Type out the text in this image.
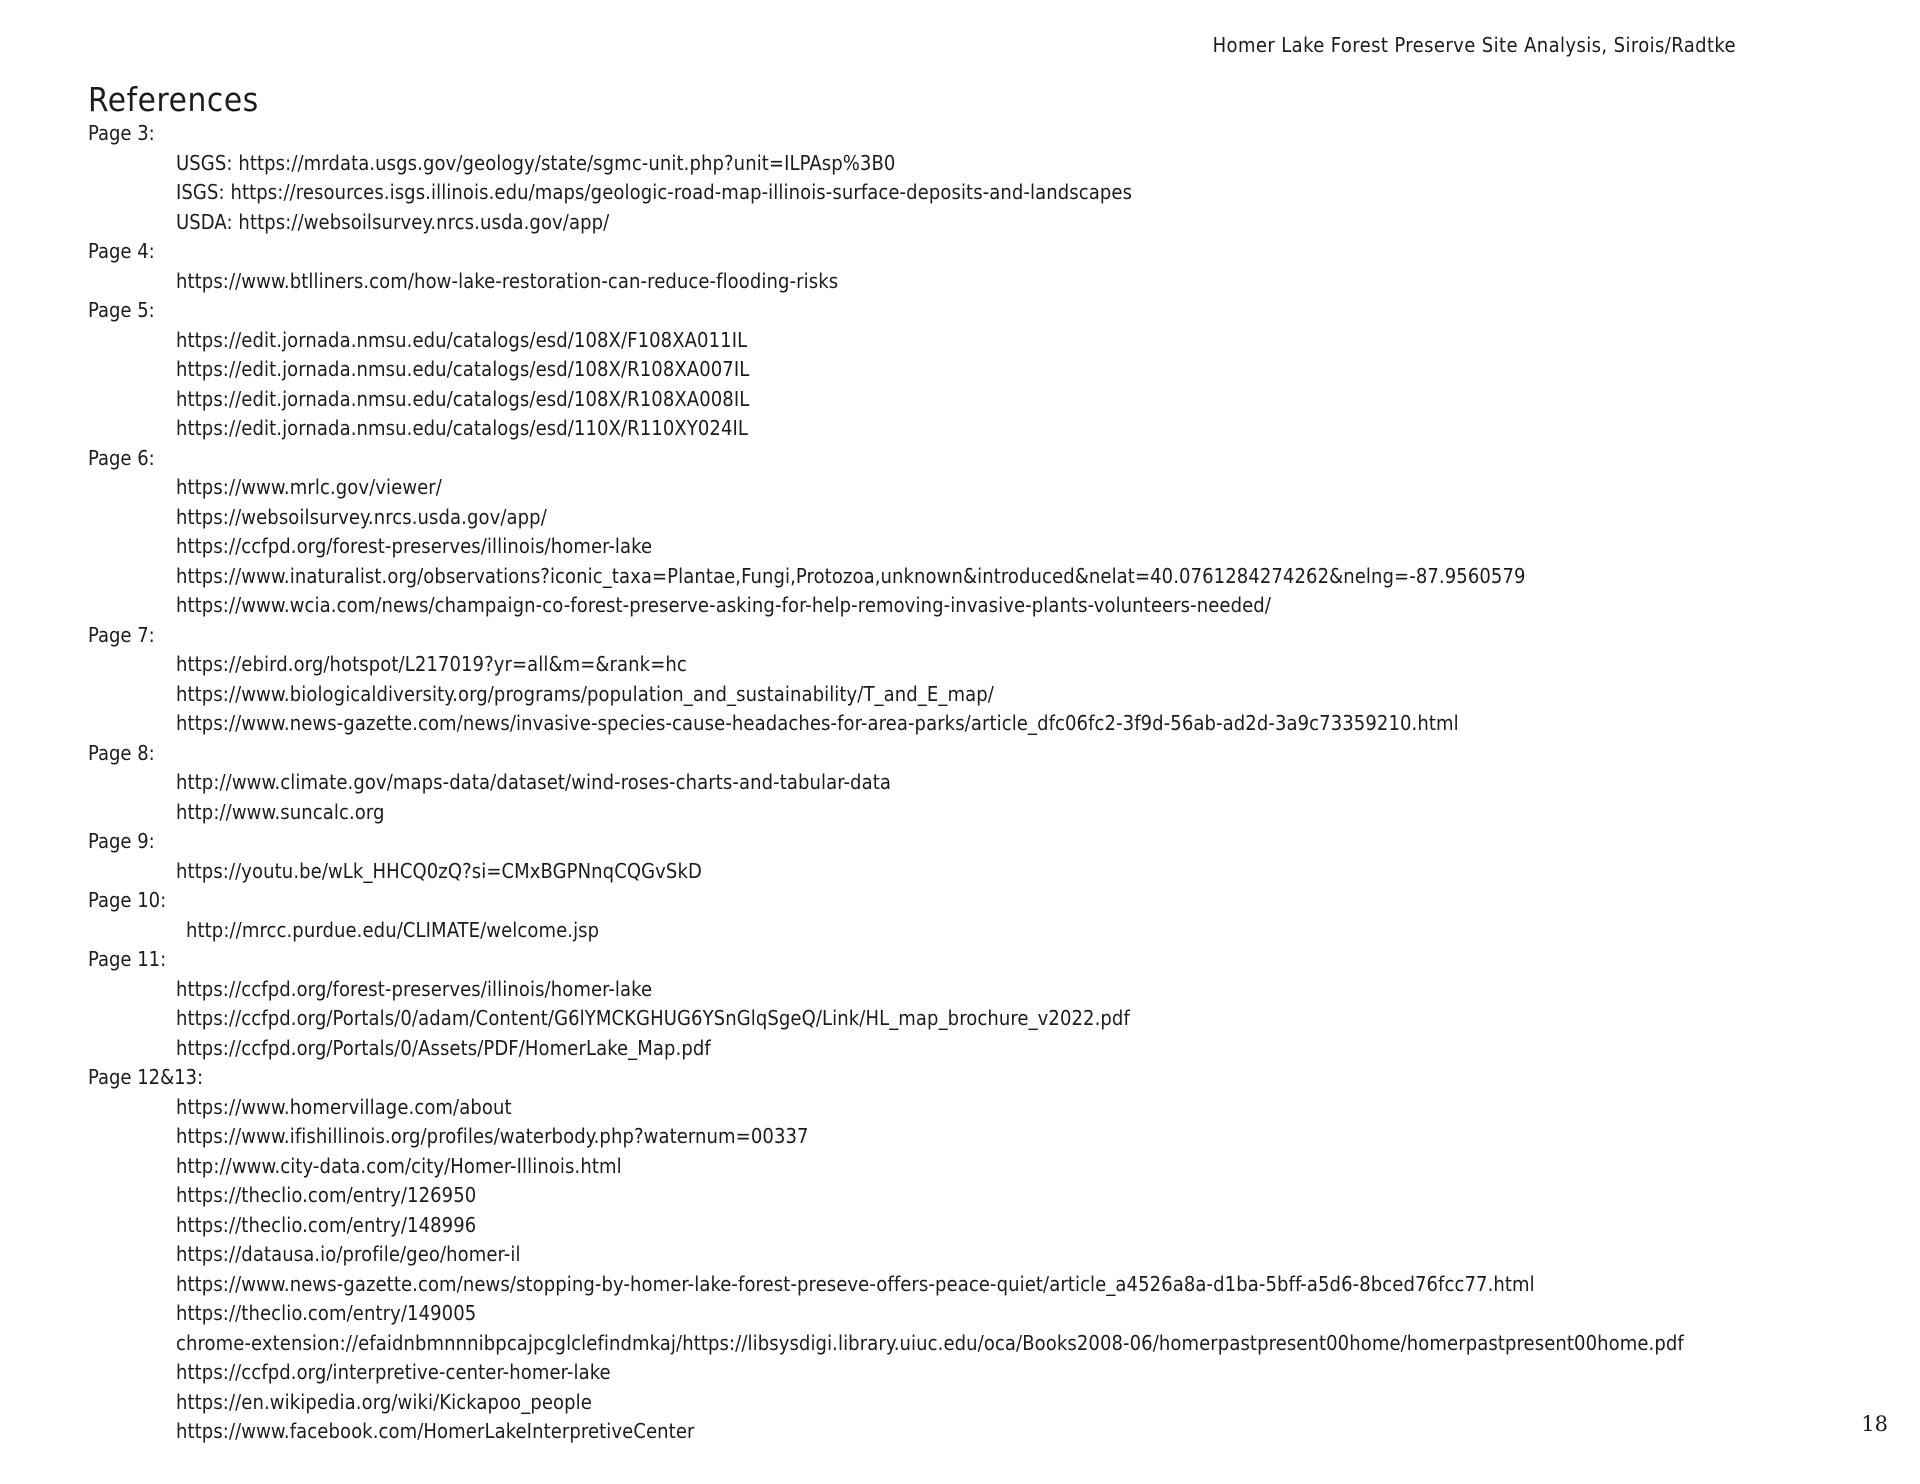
Homer Lake Forest Preserve Site Analysis, Sirois/Radtke
References
Page 3:
USGS: https://mrdata.usgs.gov/geology/state/sgmc-unit.php?unit=ILPAsp%3B0
ISGS: https://resources.isgs.illinois.edu/maps/geologic-road-map-illinois-surface-deposits-and-landscapes
USDA: https://websoilsurvey.nrcs.usda.gov/app/
Page 4:
https://www.btlliners.com/how-lake-restoration-can-reduce-flooding-risks
Page 5:
https://edit.jornada.nmsu.edu/catalogs/esd/108X/F108XA011IL
https://edit.jornada.nmsu.edu/catalogs/esd/108X/R108XA007IL
https://edit.jornada.nmsu.edu/catalogs/esd/108X/R108XA008IL
https://edit.jornada.nmsu.edu/catalogs/esd/110X/R110XY024IL
Page 6:
https://www.mrlc.gov/viewer/
https://websoilsurvey.nrcs.usda.gov/app/
https://ccfpd.org/forest-preserves/illinois/homer-lake
https://www.inaturalist.org/observations?iconic_taxa=Plantae,Fungi,Protozoa,unknown&introduced&nelat=40.0761284274262&nelng=-87.9560579
https://www.wcia.com/news/champaign-co-forest-preserve-asking-for-help-removing-invasive-plants-volunteers-needed/
Page 7:
https://ebird.org/hotspot/L217019?yr=all&m=&rank=hc
https://www.biologicaldiversity.org/programs/population_and_sustainability/T_and_E_map/
https://www.news-gazette.com/news/invasive-species-cause-headaches-for-area-parks/article_dfc06fc2-3f9d-56ab-ad2d-3a9c73359210.html
Page 8:
http://www.climate.gov/maps-data/dataset/wind-roses-charts-and-tabular-data
http://www.suncalc.org
Page 9:
https://youtu.be/wLk_HHCQ0zQ?si=CMxBGPNnqCQGvSkD
Page 10:
http://mrcc.purdue.edu/CLIMATE/welcome.jsp
Page 11:
https://ccfpd.org/forest-preserves/illinois/homer-lake
https://ccfpd.org/Portals/0/adam/Content/G6lYMCKGHUG6YSnGlqSgeQ/Link/HL_map_brochure_v2022.pdf
https://ccfpd.org/Portals/0/Assets/PDF/HomerLake_Map.pdf
Page 12&13:
https://www.homervillage.com/about
https://www.ifishillinois.org/profiles/waterbody.php?waternum=00337
http://www.city-data.com/city/Homer-Illinois.html
https://theclio.com/entry/126950
https://theclio.com/entry/148996
https://datausa.io/profile/geo/homer-il
https://www.news-gazette.com/news/stopping-by-homer-lake-forest-preseve-offers-peace-quiet/article_a4526a8a-d1ba-5bff-a5d6-8bced76fcc77.html
https://theclio.com/entry/149005
chrome-extension://efaidnbmnnnibpcajpcglclefindmkaj/https://libsysdigi.library.uiuc.edu/oca/Books2008-06/homerpastpresent00home/homerpastpresent00home.pdf
https://ccfpd.org/interpretive-center-homer-lake
https://en.wikipedia.org/wiki/Kickapoo_people
https://www.facebook.com/HomerLakeInterpretiveCenter	18
